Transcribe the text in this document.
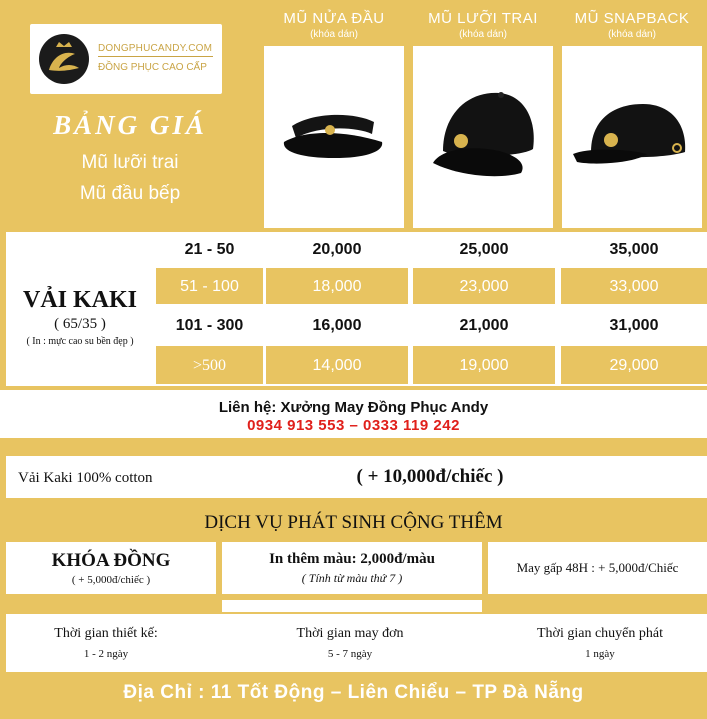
DONGPHUCANDY.COM
ĐỒNG PHỤC CAO CẤP
BẢNG GIÁ
Mũ lưỡi trai
Mũ đầu bếp
MŨ NỬA ĐẦU
(khóa dán)
MŨ LƯỠI TRAI
(khóa dán)
MŨ SNAPBACK
(khóa dán)
VẢI KAKI
( 65/35 )
( In : mực cao su bền đẹp )
21 - 50	20,000	25,000	35,000
51 - 100	18,000	23,000	33,000
101 - 300	16,000	21,000	31,000
>500	14,000	19,000	29,000
Liên hệ: Xưởng May Đồng Phục Andy
0934 913 553 – 0333 119 242
Vải Kaki 100% cotton	( + 10,000đ/chiếc )
DỊCH VỤ PHÁT SINH CỘNG THÊM
KHÓA ĐỒNG
( + 5,000đ/chiếc )
In thêm màu: 2,000đ/màu
( Tính từ màu thứ 7 )
May gấp 48H : + 5,000đ/Chiếc
Thời gian thiết kế:
1 - 2 ngày
Thời gian may đơn
5 - 7 ngày
Thời gian chuyển phát
1 ngày
Địa Chỉ : 11 Tốt Động – Liên Chiểu – TP Đà Nẵng
